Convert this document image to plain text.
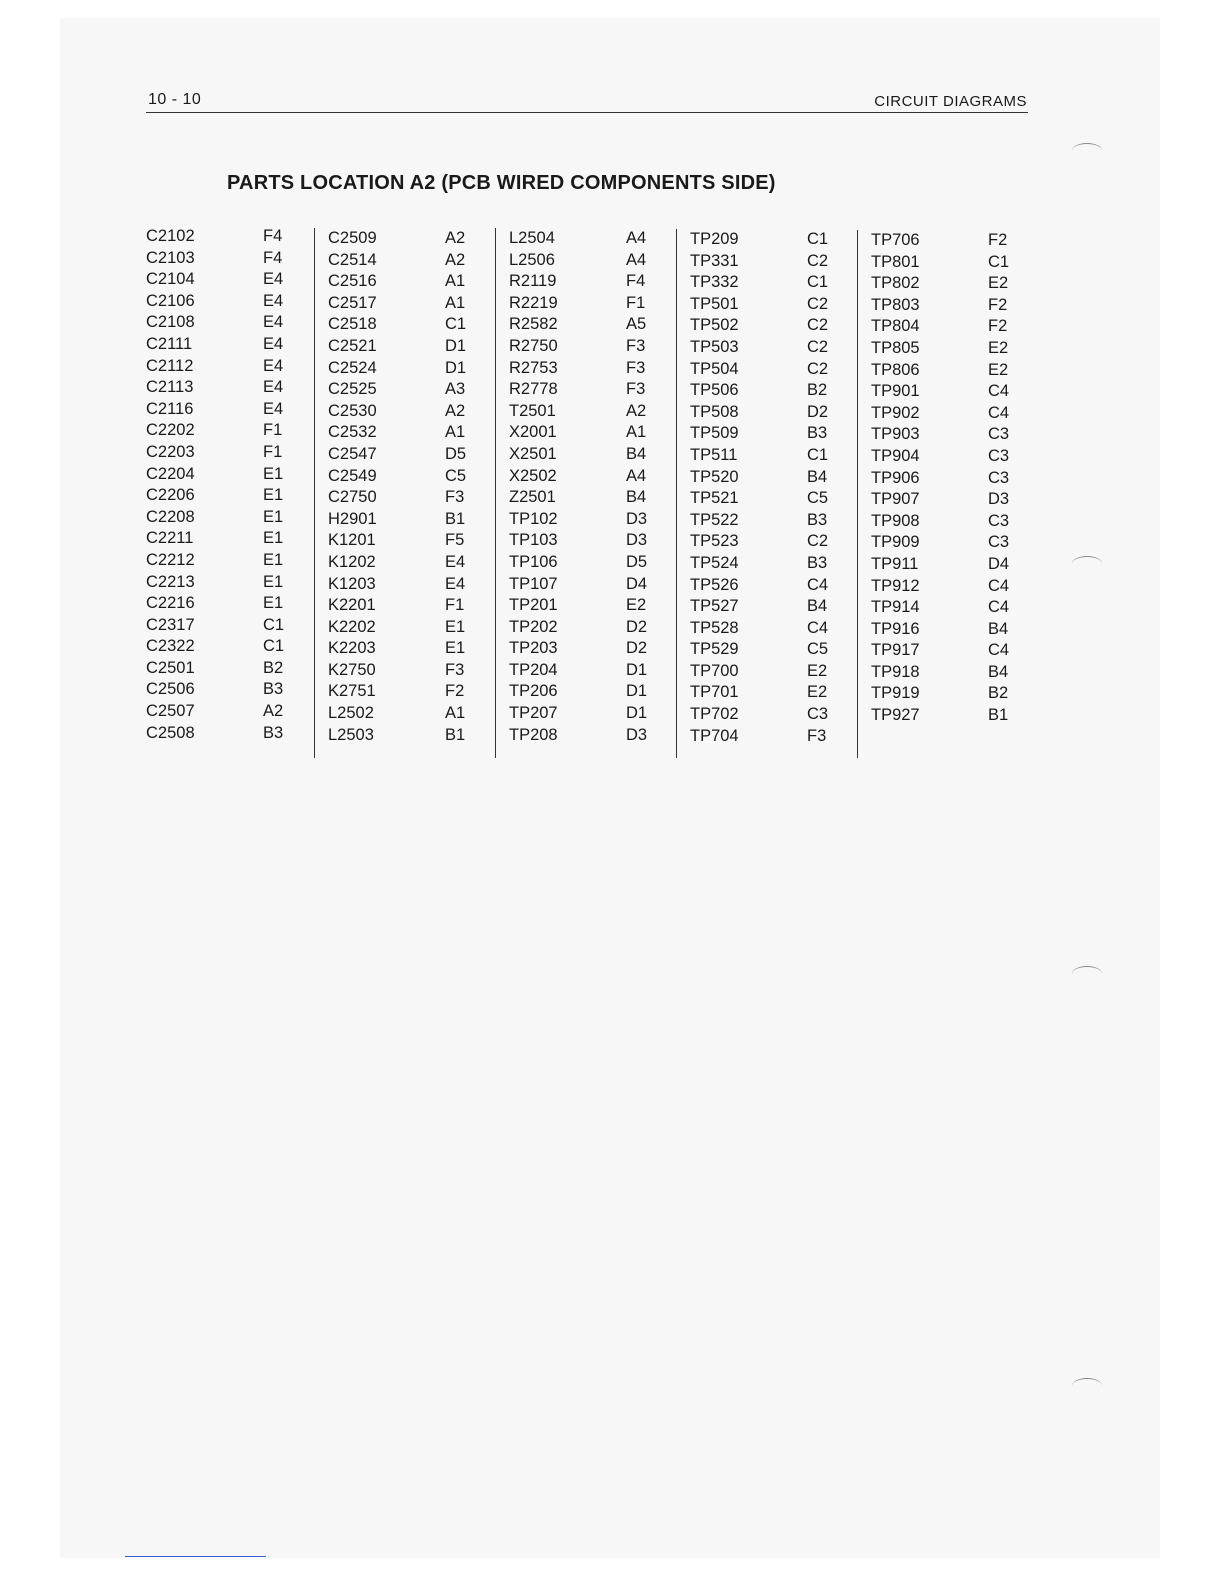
10 - 10	CIRCUIT DIAGRAMS
PARTS LOCATION A2 (PCB WIRED COMPONENTS SIDE)
C2102	F4
C2103	F4
C2104	E4
C2106	E4
C2108	E4
C2111	E4
C2112	E4
C2113	E4
C2116	E4
C2202	F1
C2203	F1
C2204	E1
C2206	E1
C2208	E1
C2211	E1
C2212	E1
C2213	E1
C2216	E1
C2317	C1
C2322	C1
C2501	B2
C2506	B3
C2507	A2
C2508	B3
C2509	A2
C2514	A2
C2516	A1
C2517	A1
C2518	C1
C2521	D1
C2524	D1
C2525	A3
C2530	A2
C2532	A1
C2547	D5
C2549	C5
C2750	F3
H2901	B1
K1201	F5
K1202	E4
K1203	E4
K2201	F1
K2202	E1
K2203	E1
K2750	F3
K2751	F2
L2502	A1
L2503	B1
L2504	A4
L2506	A4
R2119	F4
R2219	F1
R2582	A5
R2750	F3
R2753	F3
R2778	F3
T2501	A2
X2001	A1
X2501	B4
X2502	A4
Z2501	B4
TP102	D3
TP103	D3
TP106	D5
TP107	D4
TP201	E2
TP202	D2
TP203	D2
TP204	D1
TP206	D1
TP207	D1
TP208	D3
TP209	C1
TP331	C2
TP332	C1
TP501	C2
TP502	C2
TP503	C2
TP504	C2
TP506	B2
TP508	D2
TP509	B3
TP511	C1
TP520	B4
TP521	C5
TP522	B3
TP523	C2
TP524	B3
TP526	C4
TP527	B4
TP528	C4
TP529	C5
TP700	E2
TP701	E2
TP702	C3
TP704	F3
TP706	F2
TP801	C1
TP802	E2
TP803	F2
TP804	F2
TP805	E2
TP806	E2
TP901	C4
TP902	C4
TP903	C3
TP904	C3
TP906	C3
TP907	D3
TP908	C3
TP909	C3
TP911	D4
TP912	C4
TP914	C4
TP916	B4
TP917	C4
TP918	B4
TP919	B2
TP927	B1
